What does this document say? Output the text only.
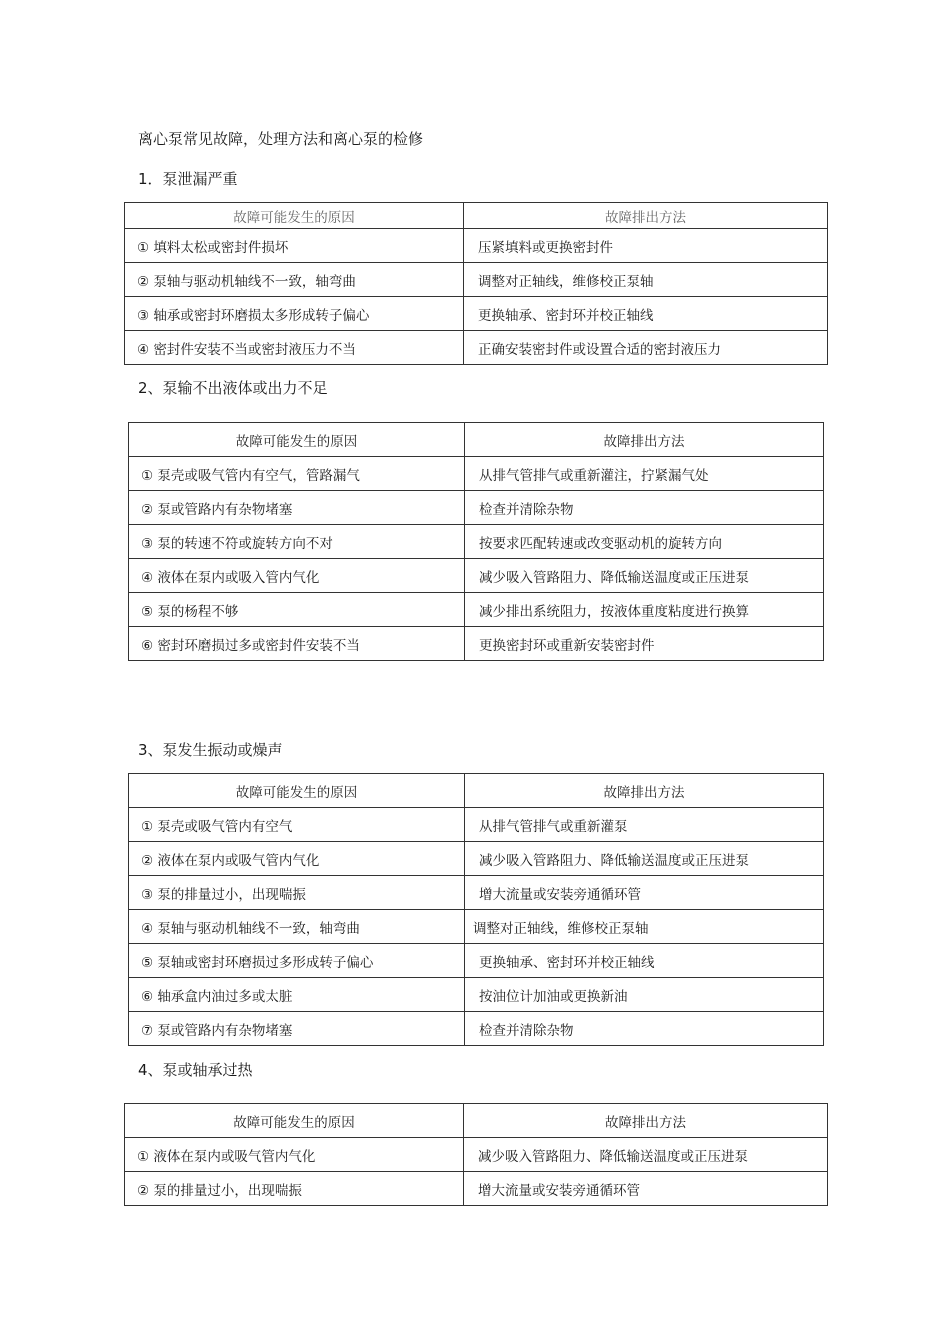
离心泵常见故障，处理方法和离心泵的检修
1．泵泄漏严重
故障可能发生的原因	故障排出方法
① 填料太松或密封件损坏	压紧填料或更换密封件
② 泵轴与驱动机轴线不一致，轴弯曲	调整对正轴线，维修校正泵轴
③ 轴承或密封环磨损太多形成转子偏心	更换轴承、密封环并校正轴线
④ 密封件安装不当或密封液压力不当	正确安装密封件或设置合适的密封液压力
2、泵输不出液体或出力不足
故障可能发生的原因	故障排出方法
① 泵壳或吸气管内有空气，管路漏气	从排气管排气或重新灌注，拧紧漏气处
② 泵或管路内有杂物堵塞	检查并清除杂物
③ 泵的转速不符或旋转方向不对	按要求匹配转速或改变驱动机的旋转方向
④ 液体在泵内或吸入管内气化	减少吸入管路阻力、降低输送温度或正压进泵
⑤ 泵的杨程不够	减少排出系统阻力，按液体重度粘度进行换算
⑥ 密封环磨损过多或密封件安装不当	更换密封环或重新安装密封件
3、泵发生振动或燥声
故障可能发生的原因	故障排出方法
① 泵壳或吸气管内有空气	从排气管排气或重新灌泵
② 液体在泵内或吸气管内气化	减少吸入管路阻力、降低输送温度或正压进泵
③ 泵的排量过小，出现喘振	增大流量或安装旁通循环管
④ 泵轴与驱动机轴线不一致，轴弯曲	调整对正轴线，维修校正泵轴
⑤ 泵轴或密封环磨损过多形成转子偏心	更换轴承、密封环并校正轴线
⑥ 轴承盒内油过多或太脏	按油位计加油或更换新油
⑦ 泵或管路内有杂物堵塞	检查并清除杂物
4、泵或轴承过热
故障可能发生的原因	故障排出方法
① 液体在泵内或吸气管内气化	减少吸入管路阻力、降低输送温度或正压进泵
② 泵的排量过小，出现喘振	增大流量或安装旁通循环管
